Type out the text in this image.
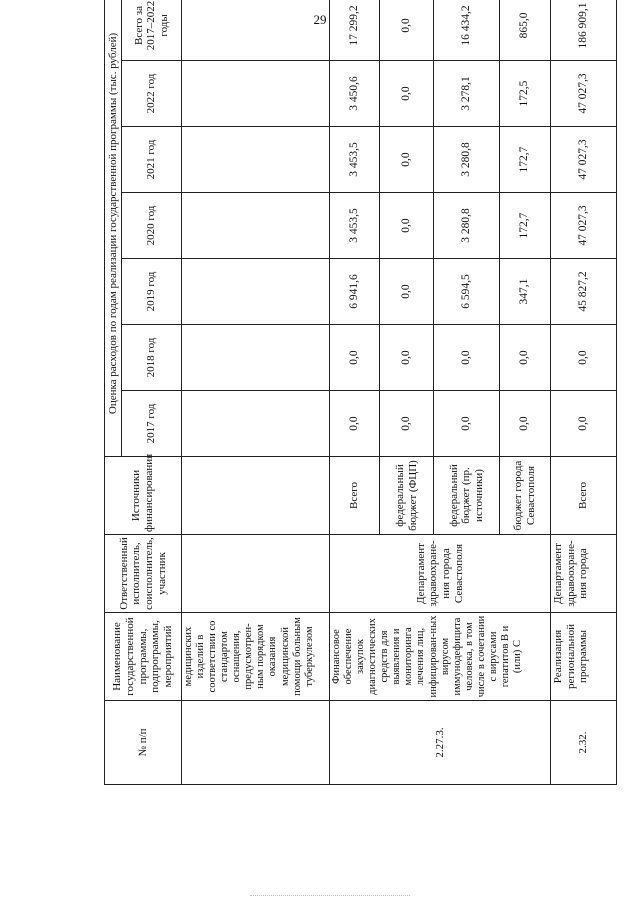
29
№ п/п	Наименование государственной программы, подпрограммы, мероприятий	Ответственный исполнитель, соисполнитель, участник	Источники финансирования	Оценка расходов по годам реализации государственной программы (тыс. рублей)						
				2017 год	2018 год	2019 год	2020 год	2021 год	2022 год	Всего за 2017–2022 годы
	медицинских изделий в соответствии со стандартом оснащения, предусмотрен-ным порядком оказания медицинской помощи больным туберкулезом									
2.27.3.	Финансовое обеспечение закупок диагностических средств для выявления и мониторинга лечения лиц, инфицирован-ных вирусом иммунодефицита человека, в том числе в сочетании с вирусами гепатитов В и (или) С	Департамент здравоохране-ния города Севастополя	Всего	0,0	0,0	6 941,6	3 453,5	3 453,5	3 450,6	17 299,2
			федеральный бюджет (ФЦП)	0,0	0,0	0,0	0,0	0,0	0,0	0,0
			федеральный бюджет (пр. источники)	0,0	0,0	6 594,5	3 280,8	3 280,8	3 278,1	16 434,2
			бюджет города Севастополя	0,0	0,0	347,1	172,7	172,7	172,5	865,0
2.32.	Реализация региональной программы	Департамент здравоохране-ния города	Всего	0,0	0,0	45 827,2	47 027,3	47 027,3	47 027,3	186 909,1
